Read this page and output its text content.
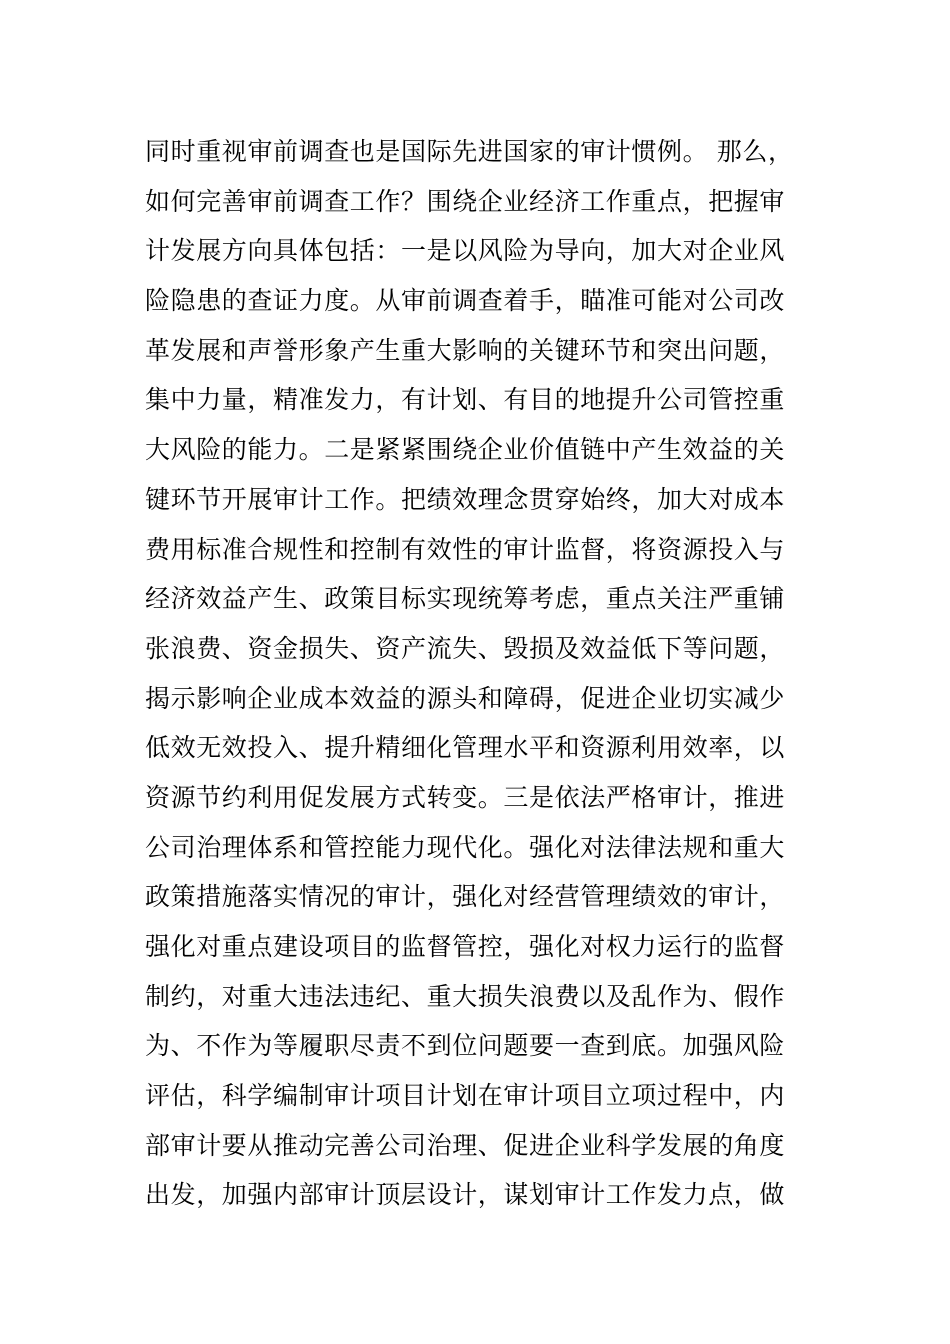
同时重视审前调查也是国际先进国家的审计惯例。 那么，
如何完善审前调查工作？围绕企业经济工作重点，把握审
计发展方向具体包括：一是以风险为导向，加大对企业风
险隐患的查证力度。从审前调查着手，瞄准可能对公司改
革发展和声誉形象产生重大影响的关键环节和突出问题，
集中力量，精准发力，有计划、有目的地提升公司管控重
大风险的能力。二是紧紧围绕企业价值链中产生效益的关
键环节开展审计工作。把绩效理念贯穿始终，加大对成本
费用标准合规性和控制有效性的审计监督，将资源投入与
经济效益产生、政策目标实现统筹考虑，重点关注严重铺
张浪费、资金损失、资产流失、毁损及效益低下等问题，
揭示影响企业成本效益的源头和障碍，促进企业切实减少
低效无效投入、提升精细化管理水平和资源利用效率，以
资源节约利用促发展方式转变。三是依法严格审计，推进
公司治理体系和管控能力现代化。强化对法律法规和重大
政策措施落实情况的审计，强化对经营管理绩效的审计，
强化对重点建设项目的监督管控，强化对权力运行的监督
制约，对重大违法违纪、重大损失浪费以及乱作为、假作
为、不作为等履职尽责不到位问题要一查到底。加强风险
评估，科学编制审计项目计划在审计项目立项过程中，内
部审计要从推动完善公司治理、促进企业科学发展的角度
出发，加强内部审计顶层设计，谋划审计工作发力点，做
